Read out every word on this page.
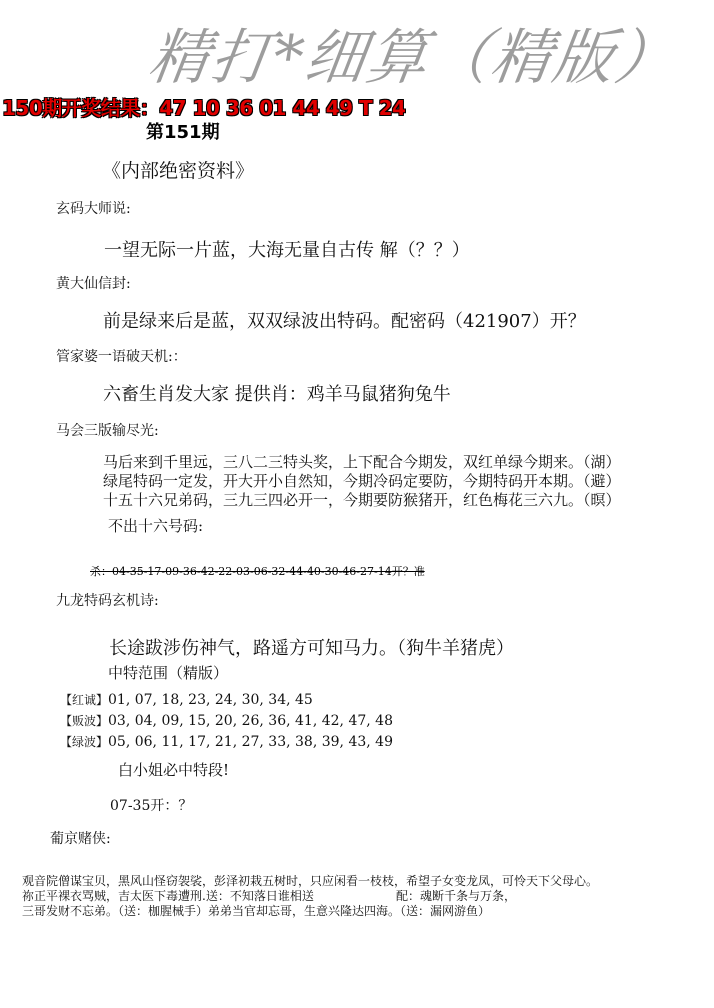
精打*细算（精版）
150期开奖结果：47 10 36 01 44 49 T 24
第151期
《内部绝密资料》
玄码大师说:
一望无际一片蓝，大海无量自古传 解（？？）
黄大仙信封:
前是绿来后是蓝，双双绿波出特码。配密码（421907）开？
管家婆一语破天机:：
六畜生肖发大家 提供肖：鸡羊马鼠猪狗兔牛
马会三版输尽光:
马后来到千里远，三八二三特头奖，上下配合今期发，双红单绿今期来。（湖）
绿尾特码一定发，开大开小自然知，今期冷码定要防，今期特码开本期。（避）
十五十六兄弟码，三九三四必开一，今期要防猴猪开，红色梅花三六九。（暝）
不出十六号码:
杀：04-35-17-09-36-42-22-03-06-32-44-40-30-46-27-14开？准
九龙特码玄机诗:
长途跋涉伤神气，路遥方可知马力。（狗牛羊猪虎）
中特范围（精版）
【红诚】01, 07, 18, 23, 24, 30, 34, 45
【贩波】03, 04, 09, 15, 20, 26, 36, 41, 42, 47, 48
【绿波】05, 06, 11, 17, 21, 27, 33, 38, 39, 43, 49
白小姐必中特段!
07-35开：？
葡京赌侠:
观音院僧谋宝贝，黑风山怪窃袈裟，彭泽初栽五树时，只应闲看一枝枝，希望子女变龙凤，可怜天下父母心。
祢正平裸衣骂贼，吉太医下毒遭刑.送：不知落日谁相送	配：魂断千条与万条，
三哥发财不忘弟。（送：枷腥械手）弟弟当官却忘哥，生意兴隆达四海。（送：漏网游鱼）
